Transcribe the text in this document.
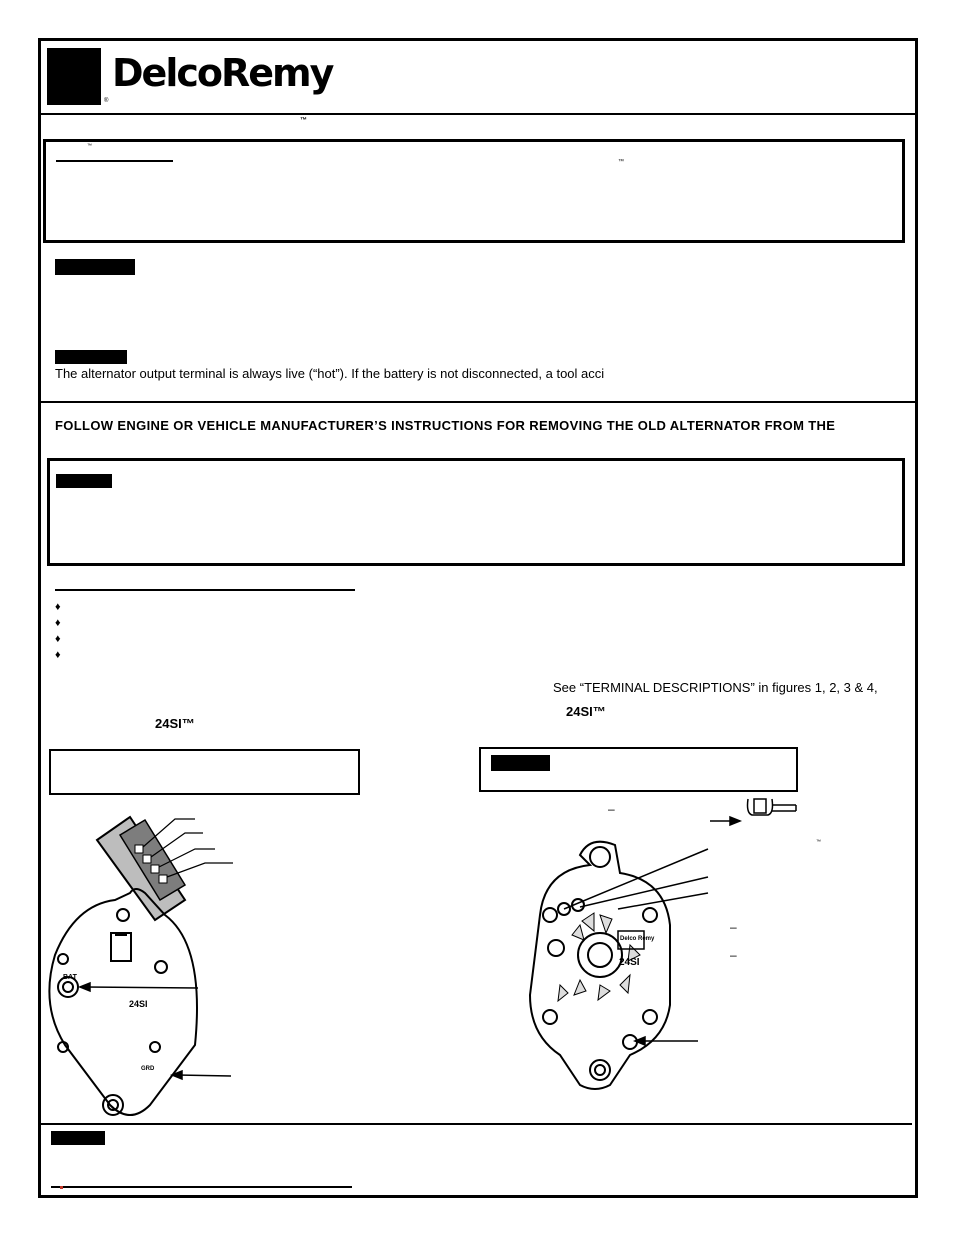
DelcoRemy
®
™
™
™
The alternator output terminal is always live (“hot”). If the battery is not disconnected, a tool acci
FOLLOW ENGINE OR VEHICLE MANUFACTURER’S INSTRUCTIONS FOR REMOVING THE OLD ALTERNATOR FROM THE
♦
♦
♦
♦
See “TERMINAL DESCRIPTIONS” in figures 1, 2, 3 & 4,
24SI™
24SI™
BAT
24SI
GRD
–
™
Delco Remy
24SI
–
–
